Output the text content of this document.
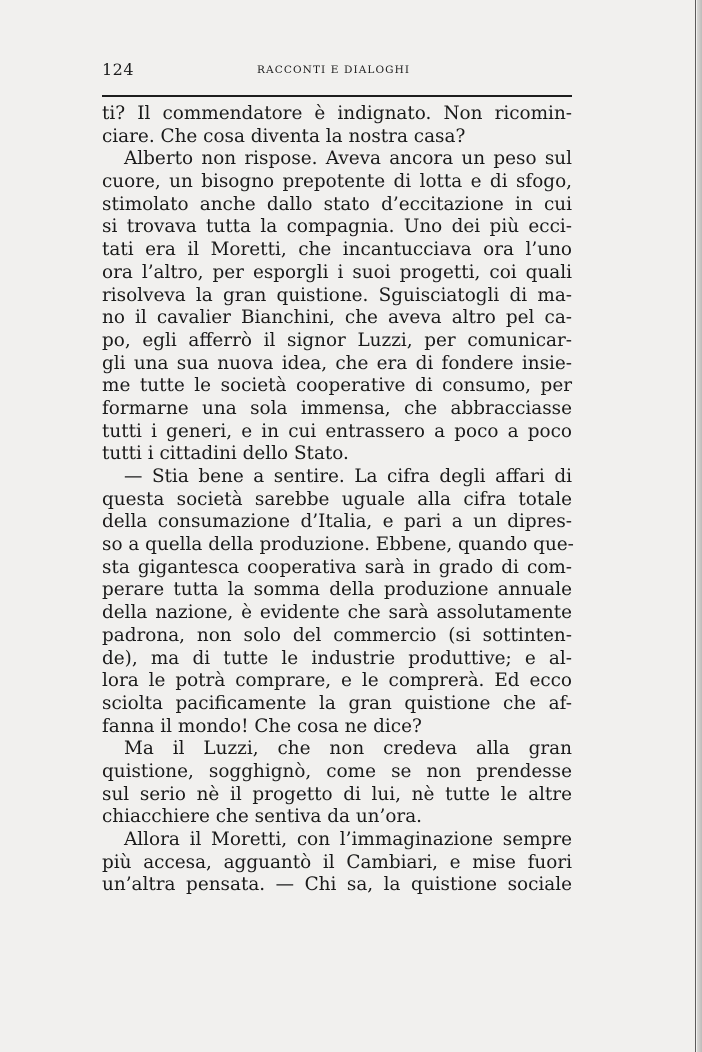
124	RACCONTI E DIALOGHI
ti? Il commendatore è indignato. Non ricomin-
ciare. Che cosa diventa la nostra casa?
Alberto non rispose. Aveva ancora un peso sul
cuore, un bisogno prepotente di lotta e di sfogo,
stimolato anche dallo stato d’eccitazione in cui
si trovava tutta la compagnia. Uno dei più ecci-
tati era il Moretti, che incantucciava ora l’uno
ora l’altro, per esporgli i suoi progetti, coi quali
risolveva la gran quistione. Sguisciatogli di ma-
no il cavalier Bianchini, che aveva altro pel ca-
po, egli afferrò il signor Luzzi, per comunicar-
gli una sua nuova idea, che era di fondere insie-
me tutte le società cooperative di consumo, per
formarne una sola immensa, che abbracciasse
tutti i generi, e in cui entrassero a poco a poco
tutti i cittadini dello Stato.
— Stia bene a sentire. La cifra degli affari di
questa società sarebbe uguale alla cifra totale
della consumazione d’Italia, e pari a un dipres-
so a quella della produzione. Ebbene, quando que-
sta gigantesca cooperativa sarà in grado di com-
perare tutta la somma della produzione annuale
della nazione, è evidente che sarà assolutamente
padrona, non solo del commercio (si sottinten-
de), ma di tutte le industrie produttive; e al-
lora le potrà comprare, e le comprerà. Ed ecco
sciolta pacificamente la gran quistione che af-
fanna il mondo! Che cosa ne dice?
Ma il Luzzi, che non credeva alla gran
quistione, sogghignò, come se non prendesse
sul serio nè il progetto di lui, nè tutte le altre
chiacchiere che sentiva da un’ora.
Allora il Moretti, con l’immaginazione sempre
più accesa, agguantò il Cambiari, e mise fuori
un’altra pensata. — Chi sa, la quistione sociale
